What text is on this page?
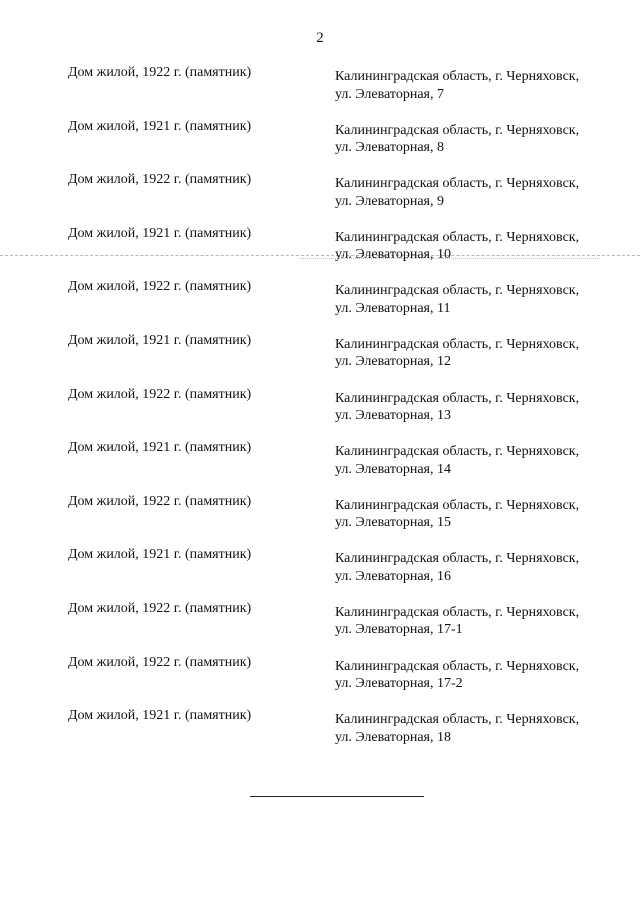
2
Дом жилой, 1922 г. (памятник)	Калининградская область, г. Черняховск,
ул. Элеваторная, 7
Дом жилой, 1921 г. (памятник)	Калининградская область, г. Черняховск,
ул. Элеваторная, 8
Дом жилой, 1922 г. (памятник)	Калининградская область, г. Черняховск,
ул. Элеваторная, 9
Дом жилой, 1921 г. (памятник)	Калининградская область, г. Черняховск,
ул. Элеваторная, 10
Дом жилой, 1922 г. (памятник)	Калининградская область, г. Черняховск,
ул. Элеваторная, 11
Дом жилой, 1921 г. (памятник)	Калининградская область, г. Черняховск,
ул. Элеваторная, 12
Дом жилой, 1922 г. (памятник)	Калининградская область, г. Черняховск,
ул. Элеваторная, 13
Дом жилой, 1921 г. (памятник)	Калининградская область, г. Черняховск,
ул. Элеваторная, 14
Дом жилой, 1922 г. (памятник)	Калининградская область, г. Черняховск,
ул. Элеваторная, 15
Дом жилой, 1921 г. (памятник)	Калининградская область, г. Черняховск,
ул. Элеваторная, 16
Дом жилой, 1922 г. (памятник)	Калининградская область, г. Черняховск,
ул. Элеваторная, 17-1
Дом жилой, 1922 г. (памятник)	Калининградская область, г. Черняховск,
ул. Элеваторная, 17-2
Дом жилой, 1921 г. (памятник)	Калининградская область, г. Черняховск,
ул. Элеваторная, 18
